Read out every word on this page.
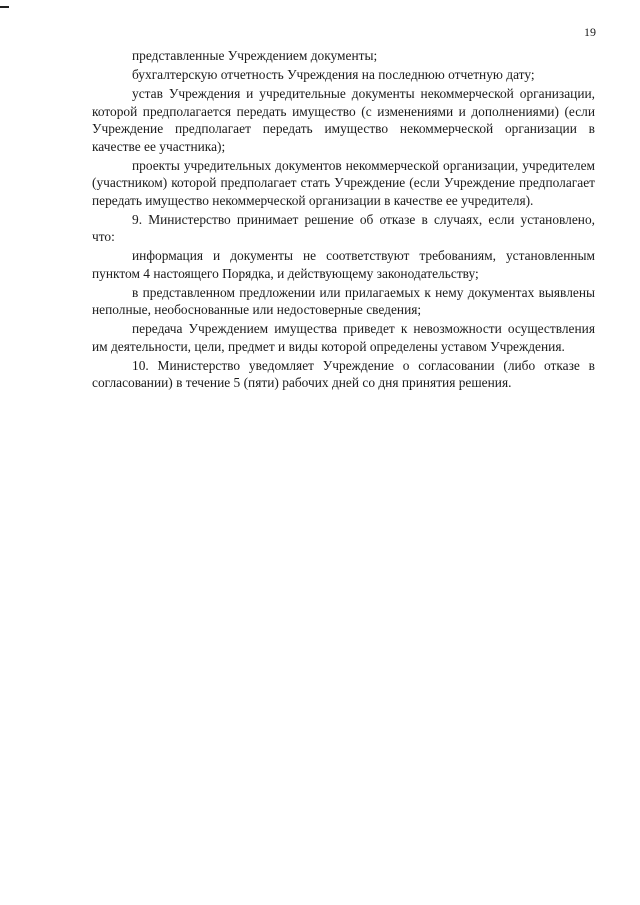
19

представленные Учреждением документы;

бухгалтерскую отчетность Учреждения на последнюю отчетную дату;

устав Учреждения и учредительные документы некоммерческой организации, которой предполагается передать имущество (с изменениями и дополнениями) (если Учреждение предполагает передать имущество некоммерческой организации в качестве ее участника);

проекты учредительных документов некоммерческой организации, учредителем (участником) которой предполагает стать Учреждение (если Учреждение предполагает передать имущество некоммерческой организации в качестве ее учредителя).

9. Министерство принимает решение об отказе в случаях, если установлено, что:

информация и документы не соответствуют требованиям, установленным пунктом 4 настоящего Порядка, и действующему законодательству;

в представленном предложении или прилагаемых к нему документах выявлены неполные, необоснованные или недостоверные сведения;

передача Учреждением имущества приведет к невозможности осуществления им деятельности, цели, предмет и виды которой определены уставом Учреждения.

10. Министерство уведомляет Учреждение о согласовании (либо отказе в согласовании) в течение 5 (пяти) рабочих дней со дня принятия решения.
